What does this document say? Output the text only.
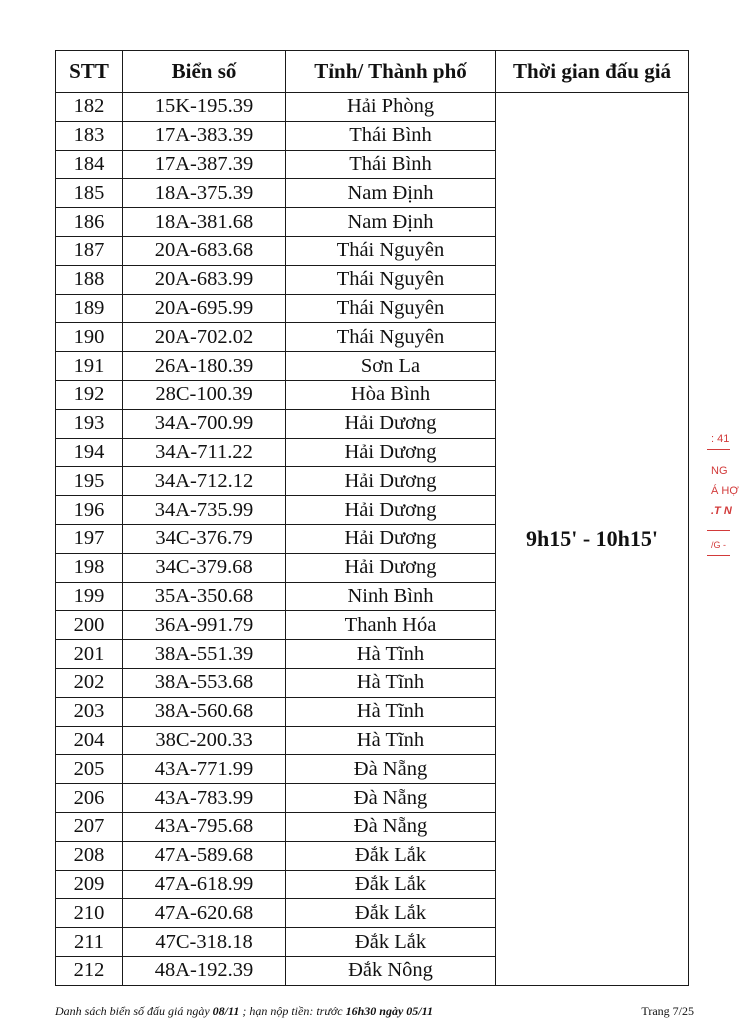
STT	Biển số	Tỉnh/ Thành phố	Thời gian đấu giá
182	15K-195.39	Hải Phòng	9h15' - 10h15'
183	17A-383.39	Thái Bình	
184	17A-387.39	Thái Bình	
185	18A-375.39	Nam Định	
186	18A-381.68	Nam Định	
187	20A-683.68	Thái Nguyên	
188	20A-683.99	Thái Nguyên	
189	20A-695.99	Thái Nguyên	
190	20A-702.02	Thái Nguyên	
191	26A-180.39	Sơn La	
192	28C-100.39	Hòa Bình	
193	34A-700.99	Hải Dương	
194	34A-711.22	Hải Dương	
195	34A-712.12	Hải Dương	
196	34A-735.99	Hải Dương	
197	34C-376.79	Hải Dương	
198	34C-379.68	Hải Dương	
199	35A-350.68	Ninh Bình	
200	36A-991.79	Thanh Hóa	
201	38A-551.39	Hà Tĩnh	
202	38A-553.68	Hà Tĩnh	
203	38A-560.68	Hà Tĩnh	
204	38C-200.33	Hà Tĩnh	
205	43A-771.99	Đà Nẵng	
206	43A-783.99	Đà Nẵng	
207	43A-795.68	Đà Nẵng	
208	47A-589.68	Đắk Lắk	
209	47A-618.99	Đắk Lắk	
210	47A-620.68	Đắk Lắk	
211	47C-318.18	Đắk Lắk	
212	48A-192.39	Đắk Nông	
Danh sách biển số đấu giá ngày 08/11 ; hạn nộp tiền: trước 16h30 ngày 05/11	Trang 7/25
: 41
NG
Á HỢ
.T N
/G -
